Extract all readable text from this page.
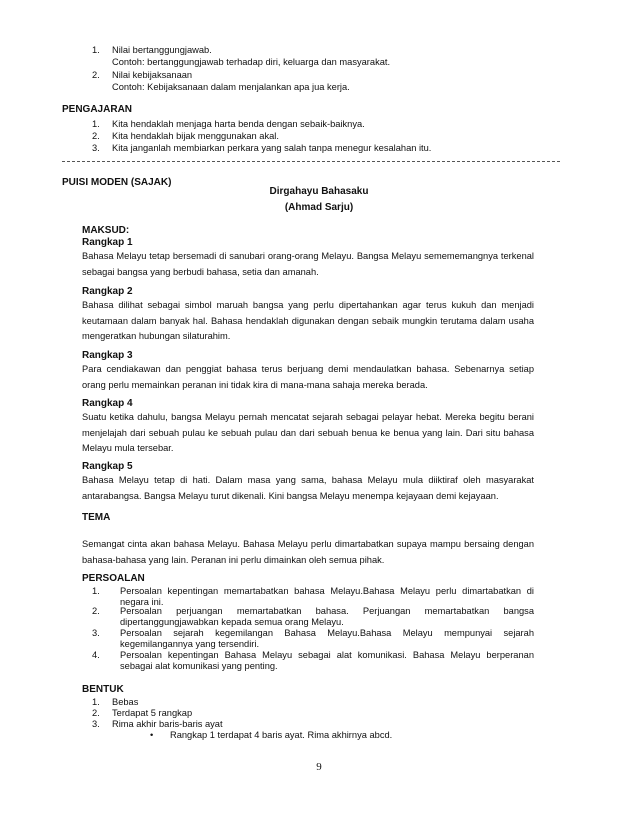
1.	Nilai bertanggungjawab.
Contoh: bertanggungjawab terhadap diri, keluarga dan masyarakat.
2.	Nilai kebijaksanaan
Contoh: Kebijaksanaan dalam menjalankan apa jua kerja.
PENGAJARAN
1.	Kita hendaklah menjaga harta benda dengan sebaik-baiknya.
2.	Kita hendaklah bijak menggunakan akal.
3.	Kita janganlah membiarkan perkara yang salah tanpa menegur kesalahan itu.
PUISI MODEN (SAJAK)
Dirgahayu Bahasaku
(Ahmad Sarju)
MAKSUD:
Rangkap 1
Bahasa Melayu tetap bersemadi di sanubari orang-orang Melayu. Bangsa Melayu semememangnya terkenal sebagai bangsa yang berbudi bahasa, setia dan amanah.
Rangkap 2
Bahasa dilihat sebagai simbol maruah bangsa yang perlu dipertahankan agar terus kukuh dan menjadi keutamaan dalam banyak hal. Bahasa hendaklah digunakan dengan sebaik mungkin terutama dalam usaha mengeratkan hubungan silaturahim.
Rangkap 3
Para cendiakawan dan penggiat bahasa terus berjuang demi mendaulatkan bahasa. Sebenarnya setiap orang perlu memainkan peranan ini tidak kira di mana-mana sahaja mereka berada.
Rangkap 4
Suatu ketika dahulu, bangsa Melayu pernah mencatat sejarah sebagai pelayar hebat. Mereka begitu berani menjelajah dari sebuah pulau ke sebuah pulau dan dari sebuah benua ke benua yang lain. Dari situ bahasa Melayu mula tersebar.
Rangkap 5
Bahasa Melayu tetap di hati. Dalam masa yang sama, bahasa Melayu mula diiktiraf oleh masyarakat antarabangsa. Bangsa Melayu turut dikenali. Kini bangsa Melayu menempa kejayaan demi kejayaan.
TEMA
Semangat cinta akan bahasa Melayu. Bahasa Melayu perlu dimartabatkan supaya mampu bersaing dengan bahasa-bahasa yang lain. Peranan ini perlu dimainkan oleh semua pihak.
PERSOALAN
1.	Persoalan kepentingan memartabatkan bahasa Melayu.Bahasa Melayu perlu dimartabatkan di negara ini.
2.	Persoalan perjuangan memartabatkan bahasa. Perjuangan memartabatkan bangsa dipertanggungjawabkan kepada semua orang Melayu.
3.	Persoalan sejarah kegemilangan Bahasa Melayu.Bahasa Melayu mempunyai sejarah kegemilangannya yang tersendiri.
4.	Persoalan kepentingan Bahasa Melayu sebagai alat komunikasi. Bahasa Melayu berperanan sebagai alat komunikasi yang penting.
BENTUK
1.	Bebas
2.	Terdapat 5 rangkap
3.	Rima akhir baris-baris ayat
•	Rangkap 1 terdapat 4 baris ayat. Rima akhirnya abcd.
9
